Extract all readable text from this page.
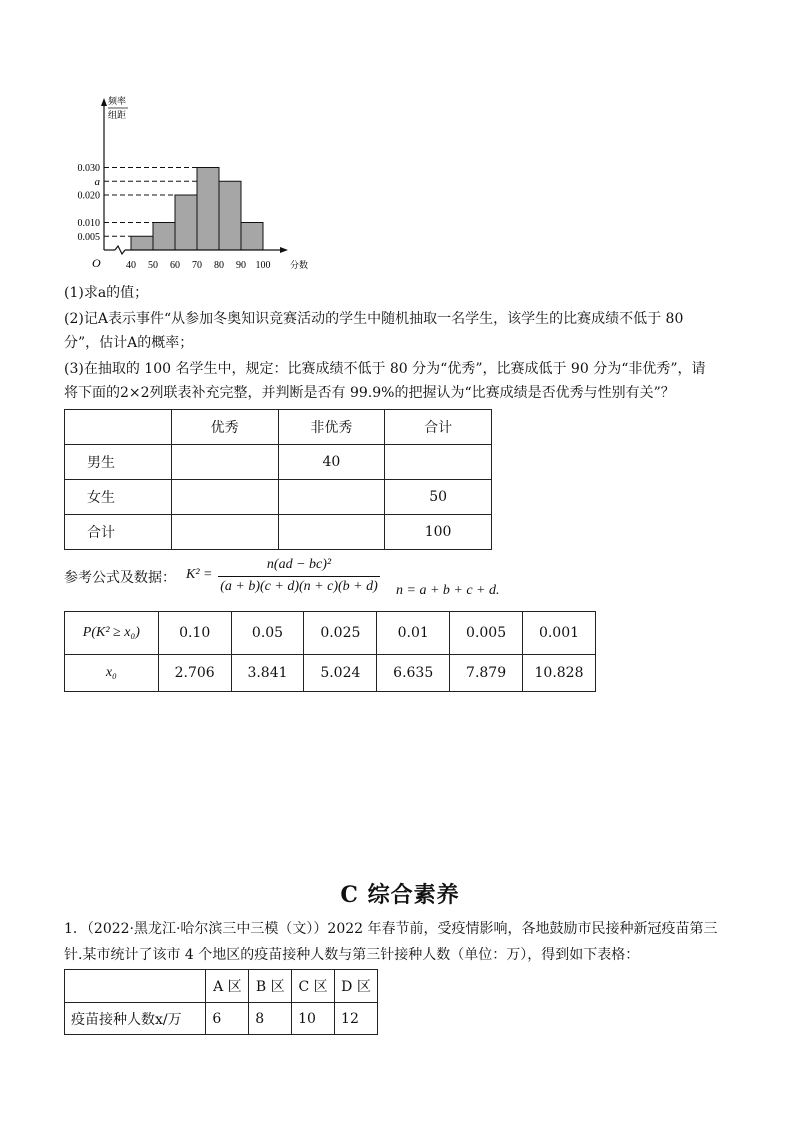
频率
组距
0.005
0.010
0.020
a
0.030
40 50 60 70 80 90 100 分数
O
(1)求a的值；
(2)记A表示事件“从参加冬奥知识竞赛活动的学生中随机抽取一名学生，该学生的比赛成绩不低于 80
分”，估计A的概率；
(3)在抽取的 100 名学生中，规定：比赛成绩不低于 80 分为“优秀”，比赛成低于 90 分为“非优秀”，请
将下面的2×2列联表补充完整，并判断是否有 99.9%的把握认为“比赛成绩是否优秀与性别有关”？
	优秀	非优秀	合计
男生		40	
女生			50
合计			100
参考公式及数据： K² =
n(ad − bc)²
(a + b)(c + d)(n + c)(b + d) n = a + b + c + d.
P(K² ≥ x₀)	0.10	0.05	0.025	0.01	0.005	0.001
x₀	2.706	3.841	5.024	6.635	7.879	10.828
C 综合素养
1．（2022·黑龙江·哈尔滨三中三模（文））2022 年春节前，受疫情影响，各地鼓励市民接种新冠疫苗第三
针.某市统计了该市 4 个地区的疫苗接种人数与第三针接种人数（单位：万），得到如下表格：
	A 区	B 区	C 区	D 区
疫苗接种人数x/万	6	8	10	12
